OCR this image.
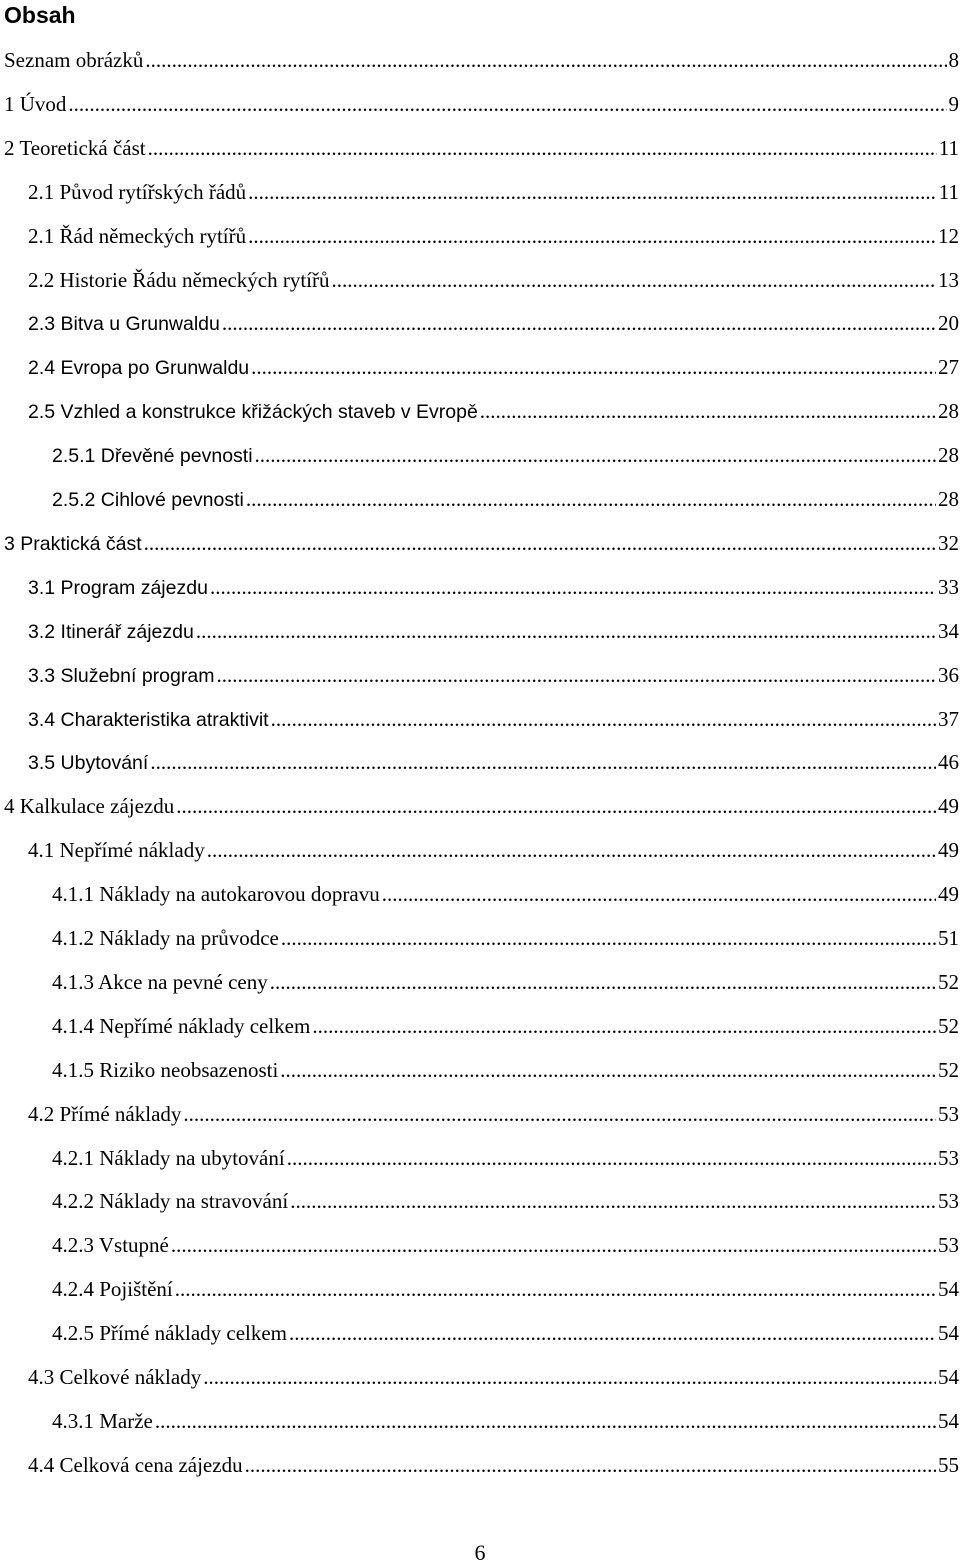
Obsah
Seznam obrázků .....	8
1 Úvod .....	9
2 Teoretická část .....	11
2.1 Původ rytířských řádů .....	11
2.1 Řád německých rytířů .....	12
2.2 Historie Řádu německých rytířů .....	13
2.3 Bitva u Grunwaldu .....	20
2.4 Evropa po Grunwaldu .....	27
2.5 Vzhled a konstrukce křižáckých staveb v Evropě .....	28
2.5.1 Dřevěné pevnosti .....	28
2.5.2 Cihlové pevnosti .....	28
3 Praktická část .....	32
3.1 Program zájezdu .....	33
3.2 Itinerář zájezdu .....	34
3.3 Služební program .....	36
3.4 Charakteristika atraktivit .....	37
3.5 Ubytování .....	46
4 Kalkulace zájezdu .....	49
4.1 Nepřímé náklady .....	49
4.1.1 Náklady na autokarovou dopravu .....	49
4.1.2 Náklady na průvodce .....	51
4.1.3 Akce na pevné ceny .....	52
4.1.4 Nepřímé náklady celkem .....	52
4.1.5 Riziko neobsazenosti .....	52
4.2 Přímé náklady .....	53
4.2.1 Náklady na ubytování .....	53
4.2.2 Náklady na stravování .....	53
4.2.3 Vstupné .....	53
4.2.4 Pojištění .....	54
4.2.5 Přímé náklady celkem .....	54
4.3 Celkové náklady .....	54
4.3.1 Marže .....	54
4.4 Celková cena zájezdu .....	55
6
